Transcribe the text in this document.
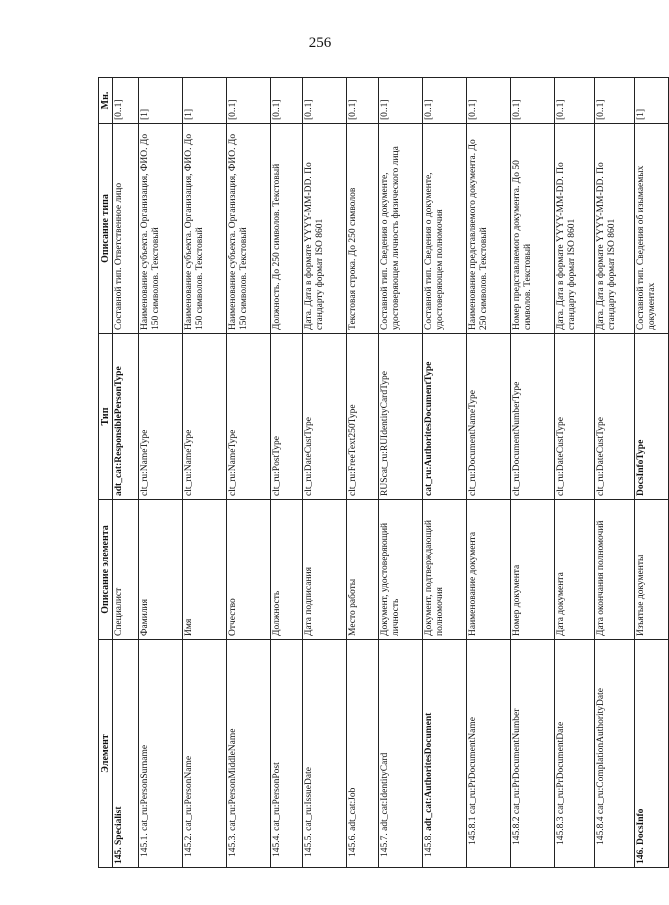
256
Элемент	Описание элемента	Тип	Описание типа	Мн.
145. Specialist	Специалист	adt_cat:ResponsiblePersonType	Составной тип. Ответственное лицо	[0..1]
145.1. cat_ru:PersonSurname	Фамилия	clt_ru:NameType	Наименование субъекта. Организация, ФИО. До 150 символов. Текстовый	[1]
145.2. cat_ru:PersonName	Имя	clt_ru:NameType	Наименование субъекта. Организация, ФИО. До 150 символов. Текстовый	[1]
145.3. cat_ru:PersonMiddleName	Отчество	clt_ru:NameType	Наименование субъекта. Организация, ФИО. До 150 символов. Текстовый	[0..1]
145.4. cat_ru:PersonPost	Должность	clt_ru:PostType	Должность. До 250 символов. Текстовый	[0..1]
145.5. cat_ru:IssueDate	Дата подписания	clt_ru:DateCustType	Дата. Дата в формате YYYY-MM-DD. По стандарту формат ISO 8601	[0..1]
145.6. adt_cat:Job	Место работы	clt_ru:FreeText250Type	Текстовая строка. До 250 символов	[0..1]
145.7. adt_cat:IdentityCard	Документ, удостоверяющий личность	RUScat_ru:RUIdentityCardType	Составной тип. Сведения о документе, удостоверяющем личность физического лица	[0..1]
145.8. adt_cat:AuthoritesDocument	Документ, подтверждающий полномочия	cat_ru:AuthoritesDocumentType	Составной тип. Сведения о документе, удостоверяющем полномочия	[0..1]
145.8.1 cat_ru:PrDocumentName	Наименование документа	clt_ru:DocumentNameType	Наименование представляемого документа. До 250 символов. Текстовый	[0..1]
145.8.2 cat_ru:PrDocumentNumber	Номер документа	clt_ru:DocumentNumberType	Номер представляемого документа. До 50 символов. Текстовый	[0..1]
145.8.3 cat_ru:PrDocumentDate	Дата документа	clt_ru:DateCustType	Дата. Дата в формате YYYY-MM-DD. По стандарту формат ISO 8601	[0..1]
145.8.4 cat_ru:ComplationAuthorityDate	Дата окончания полномочий	clt_ru:DateCustType	Дата. Дата в формате YYYY-MM-DD. По стандарту формат ISO 8601	[0..1]
146. DocsInfo	Изъятые документы	DocsInfoType	Составной тип. Сведения об изымаемых документах	[1]
